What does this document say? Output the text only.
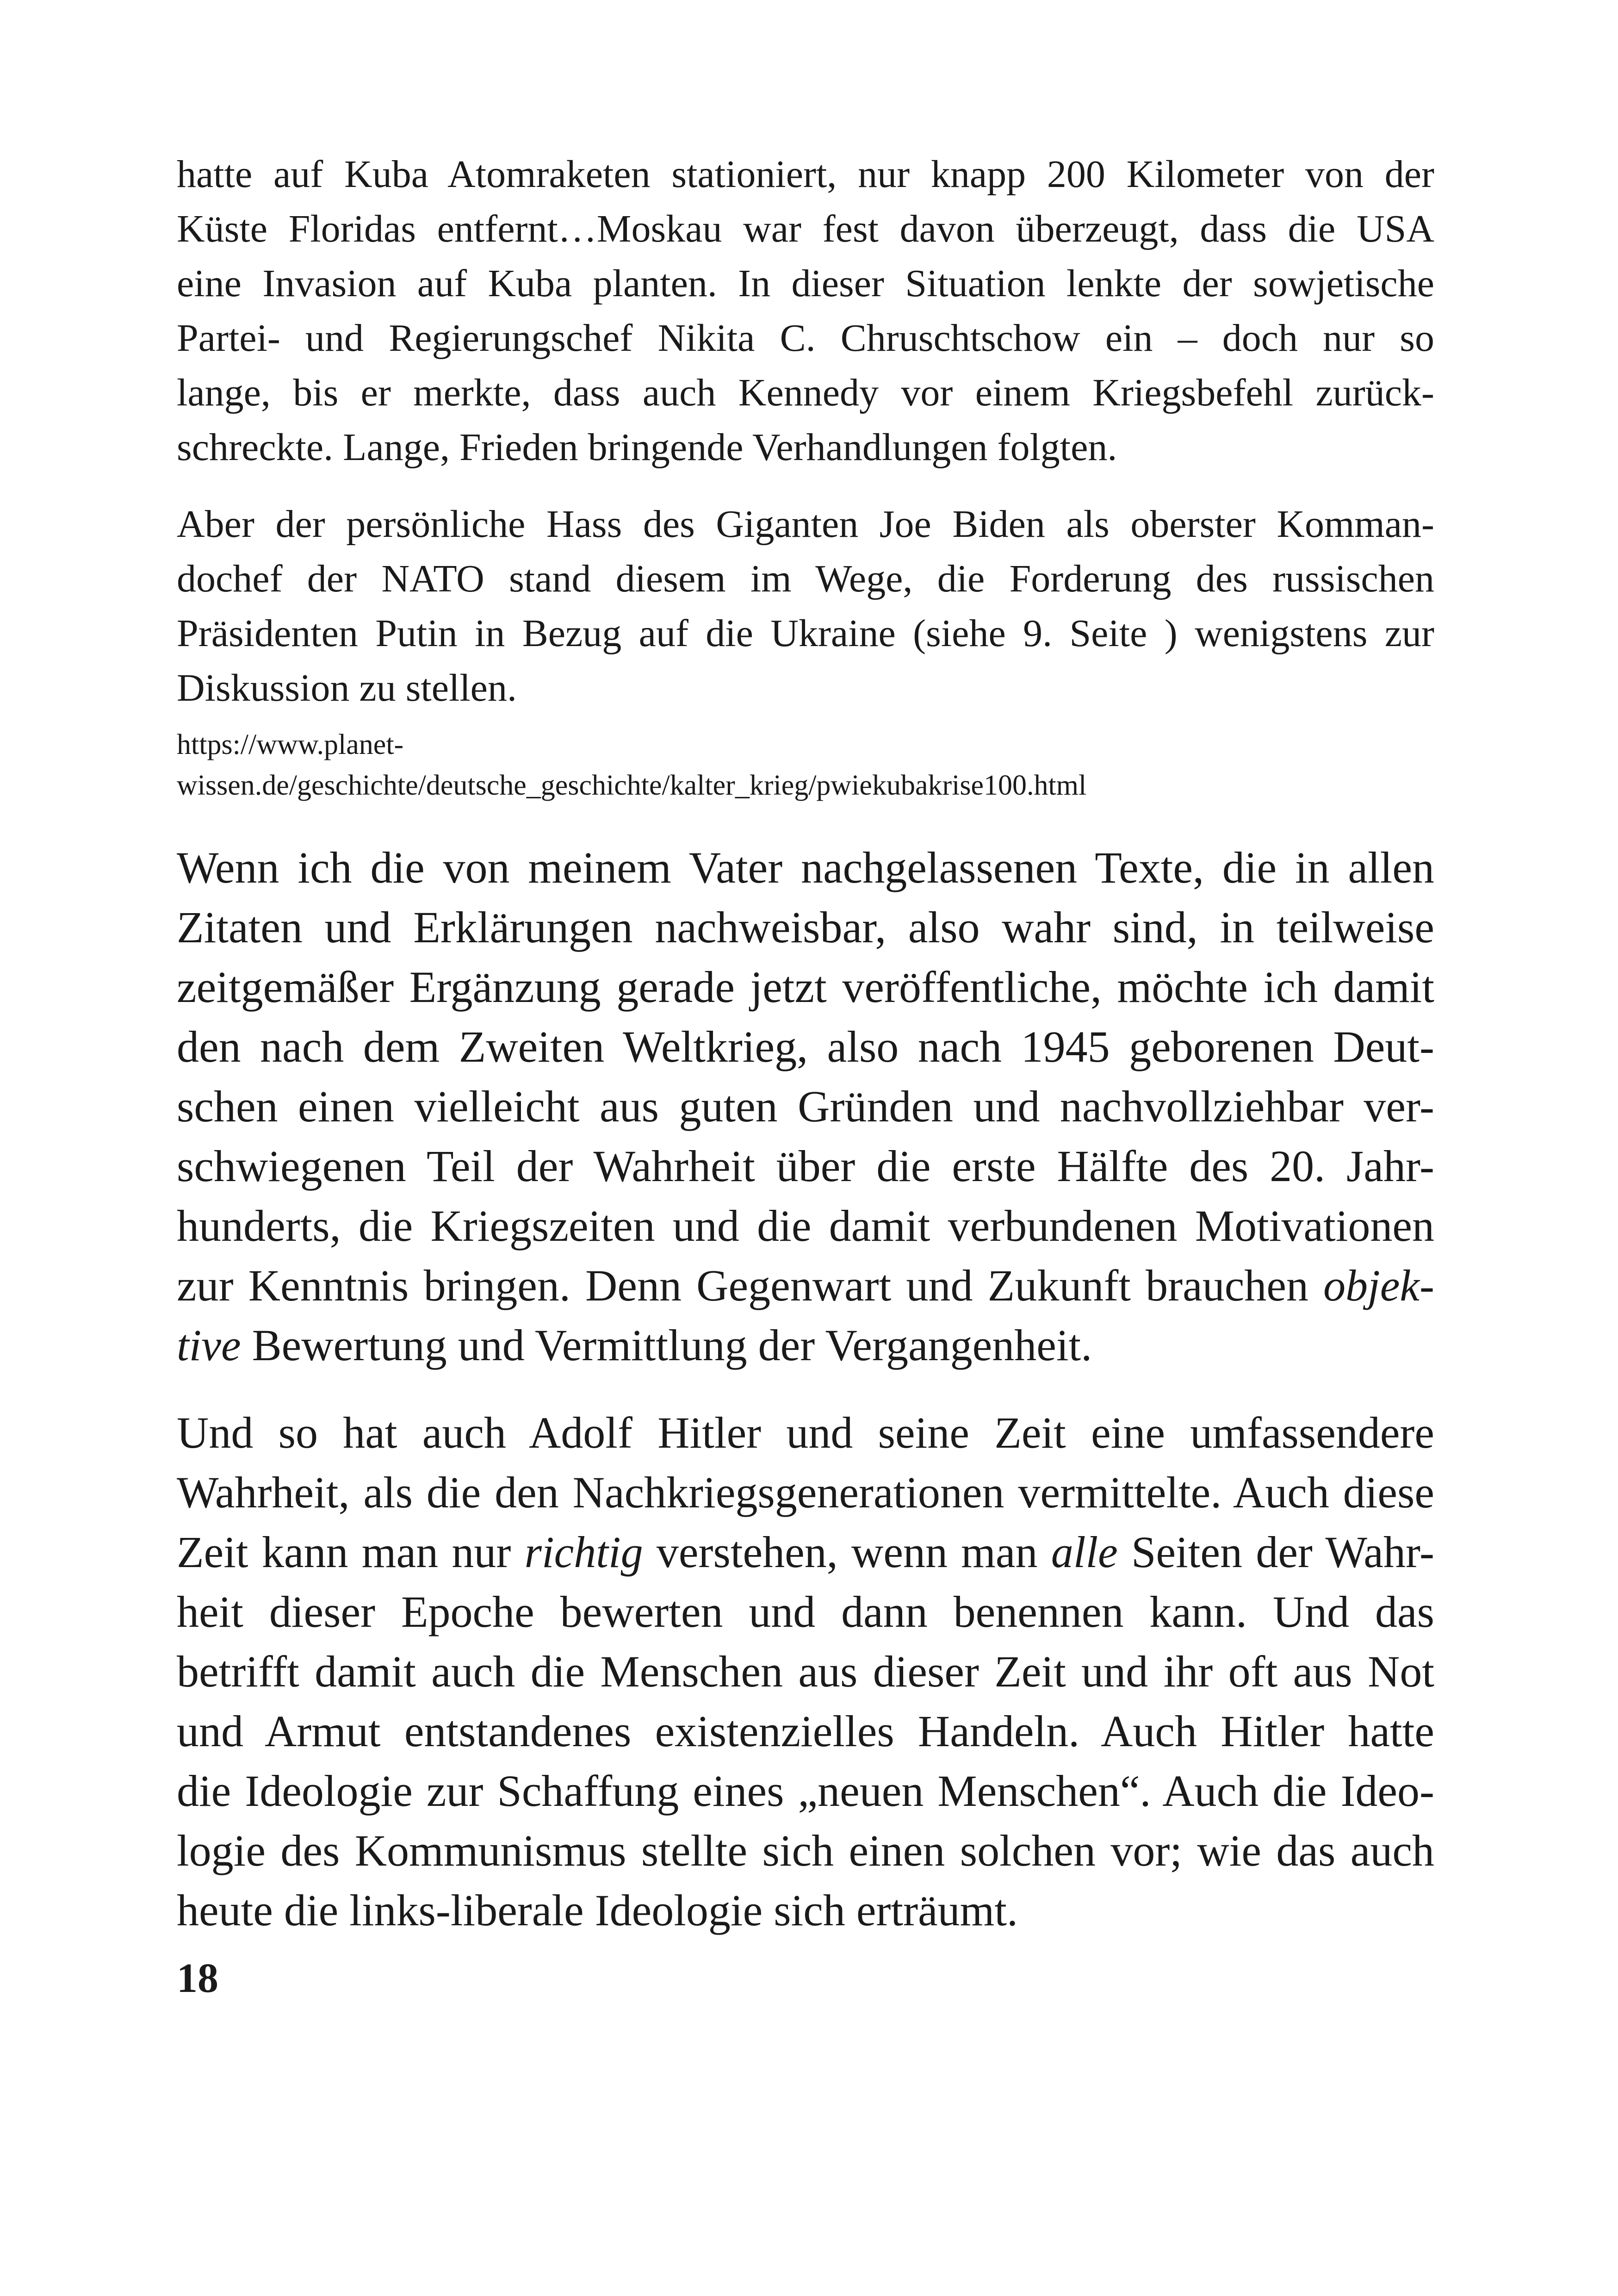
hatte auf Kuba Atomraketen stationiert, nur knapp 200 Kilometer von der
Küste Floridas entfernt…Moskau war fest davon überzeugt, dass die USA
eine Invasion auf Kuba planten. In dieser Situation lenkte der sowjetische
Partei- und Regierungschef Nikita C. Chruschtschow ein – doch nur so
lange, bis er merkte, dass auch Kennedy vor einem Kriegsbefehl zurück-
schreckte. Lange, Frieden bringende Verhandlungen folgten.

Aber der persönliche Hass des Giganten Joe Biden als oberster Komman-
dochef der NATO stand diesem im Wege, die Forderung des russischen
Präsidenten Putin in Bezug auf die Ukraine (siehe 9. Seite ) wenigstens zur
Diskussion zu stellen.

https://www.planet-
wissen.de/geschichte/deutsche_geschichte/kalter_krieg/pwiekubakrise100.html

Wenn ich die von meinem Vater nachgelassenen Texte, die in allen
Zitaten und Erklärungen nachweisbar, also wahr sind, in teilweise
zeitgemäßer Ergänzung gerade jetzt veröffentliche, möchte ich damit
den nach dem Zweiten Weltkrieg, also nach 1945 geborenen Deut-
schen einen vielleicht aus guten Gründen und nachvollziehbar ver-
schwiegenen Teil der Wahrheit über die erste Hälfte des 20. Jahr-
hunderts, die Kriegszeiten und die damit verbundenen Motivationen
zur Kenntnis bringen. Denn Gegenwart und Zukunft brauchen objek-
tive Bewertung und Vermittlung der Vergangenheit.

Und so hat auch Adolf Hitler und seine Zeit eine umfassendere
Wahrheit, als die den Nachkriegsgenerationen vermittelte. Auch diese
Zeit kann man nur richtig verstehen, wenn man alle Seiten der Wahr-
heit dieser Epoche bewerten und dann benennen kann. Und das
betrifft damit auch die Menschen aus dieser Zeit und ihr oft aus Not
und Armut entstandenes existenzielles Handeln. Auch Hitler hatte
die Ideologie zur Schaffung eines „neuen Menschen“. Auch die Ideo-
logie des Kommunismus stellte sich einen solchen vor; wie das auch
heute die links-liberale Ideologie sich erträumt.

18
